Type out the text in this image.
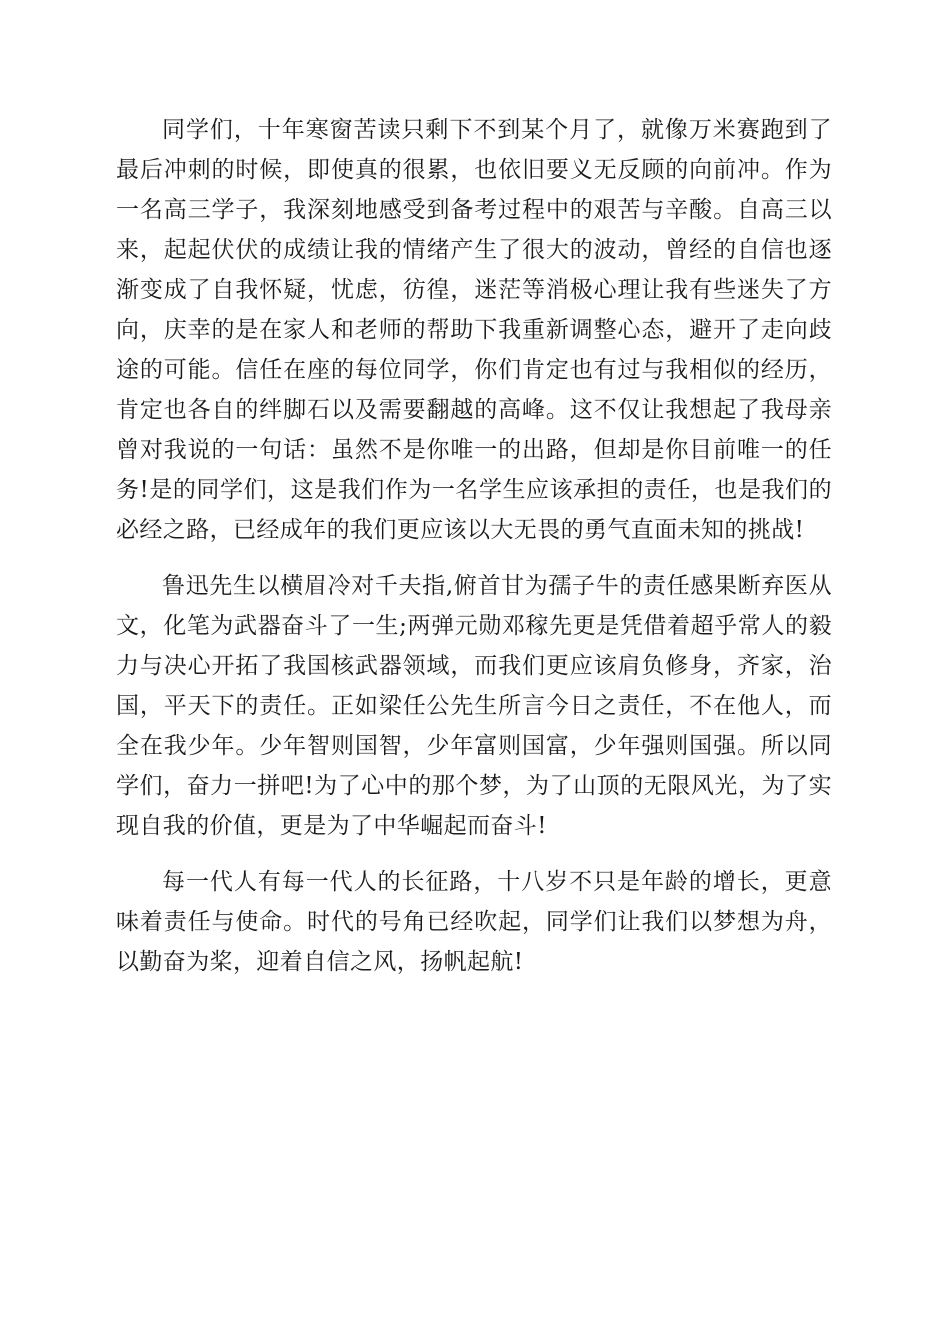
同学们，十年寒窗苦读只剩下不到某个月了，就像万米赛跑到了最后冲刺的时候，即使真的很累，也依旧要义无反顾的向前冲。作为一名高三学子，我深刻地感受到备考过程中的艰苦与辛酸。自高三以来，起起伏伏的成绩让我的情绪产生了很大的波动，曾经的自信也逐渐变成了自我怀疑，忧虑，彷徨，迷茫等消极心理让我有些迷失了方向，庆幸的是在家人和老师的帮助下我重新调整心态，避开了走向歧途的可能。信任在座的每位同学，你们肯定也有过与我相似的经历，肯定也各自的绊脚石以及需要翻越的高峰。这不仅让我想起了我母亲曾对我说的一句话：虽然不是你唯一的出路，但却是你目前唯一的任务!是的同学们，这是我们作为一名学生应该承担的责任，也是我们的必经之路，已经成年的我们更应该以大无畏的勇气直面未知的挑战!

鲁迅先生以横眉冷对千夫指,俯首甘为孺子牛的责任感果断弃医从文，化笔为武器奋斗了一生;两弹元勋邓稼先更是凭借着超乎常人的毅力与决心开拓了我国核武器领域，而我们更应该肩负修身，齐家，治国，平天下的责任。正如梁任公先生所言今日之责任，不在他人，而全在我少年。少年智则国智，少年富则国富，少年强则国强。所以同学们，奋力一拼吧!为了心中的那个梦，为了山顶的无限风光，为了实现自我的价值，更是为了中华崛起而奋斗!

每一代人有每一代人的长征路，十八岁不只是年龄的增长，更意味着责任与使命。时代的号角已经吹起，同学们让我们以梦想为舟，以勤奋为桨，迎着自信之风，扬帆起航!
